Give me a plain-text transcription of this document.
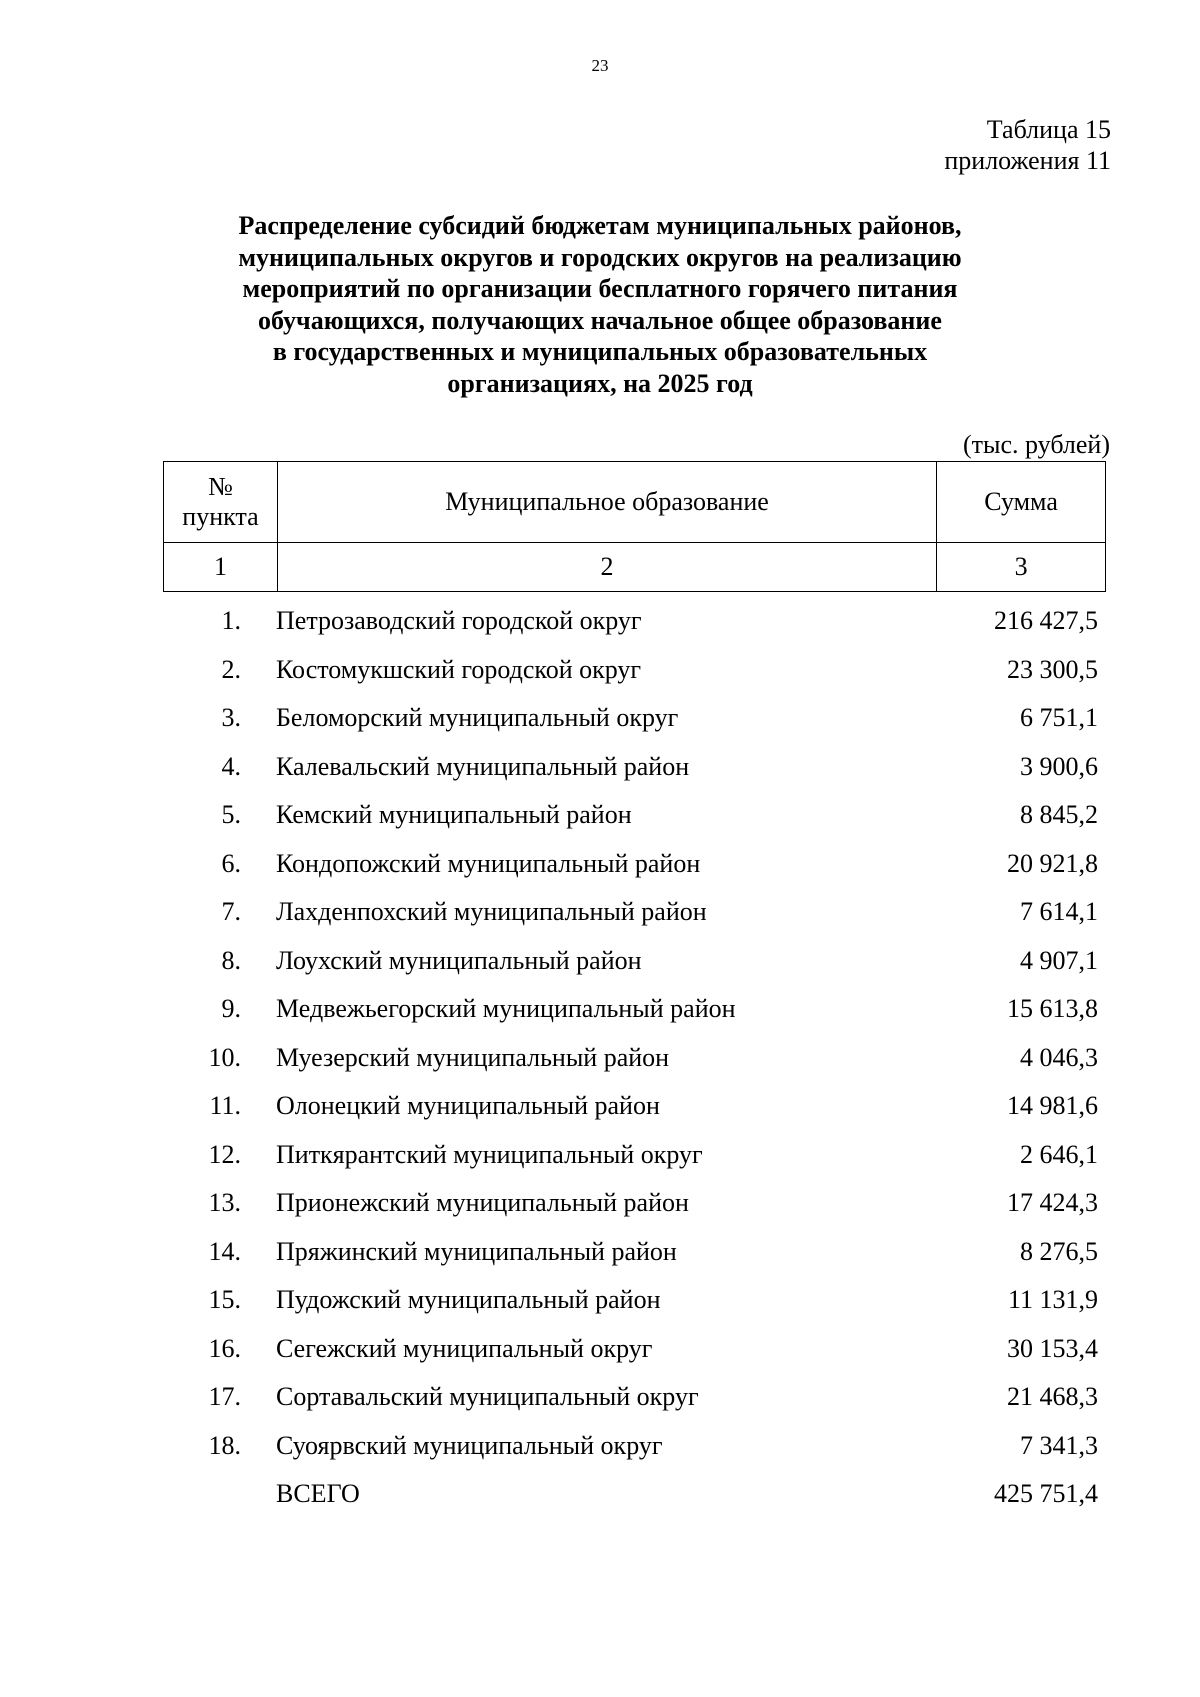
23
Таблица 15
приложения 11
Распределение субсидий бюджетам муниципальных районов,
муниципальных округов и городских округов на реализацию
мероприятий по организации бесплатного горячего питания
обучающихся, получающих начальное общее образование
в государственных и муниципальных образовательных
организациях, на 2025 год
(тыс. рублей)
№
пункта	Муниципальное образование	Сумма
1	2	3
1. Петрозаводский городской округ	216 427,5
2. Костомукшский городской округ	23 300,5
3. Беломорский муниципальный округ	6 751,1
4. Калевальский муниципальный район	3 900,6
5. Кемский муниципальный район	8 845,2
6. Кондопожский муниципальный район	20 921,8
7. Лахденпохский муниципальный район	7 614,1
8. Лоухский муниципальный район	4 907,1
9. Медвежьегорский муниципальный район	15 613,8
10. Муезерский муниципальный район	4 046,3
11. Олонецкий муниципальный район	14 981,6
12. Питкярантский муниципальный округ	2 646,1
13. Прионежский муниципальный район	17 424,3
14. Пряжинский муниципальный район	8 276,5
15. Пудожский муниципальный район	11 131,9
16. Сегежский муниципальный округ	30 153,4
17. Сортавальский муниципальный округ	21 468,3
18. Суоярвский муниципальный округ	7 341,3
ВСЕГО	425 751,4
